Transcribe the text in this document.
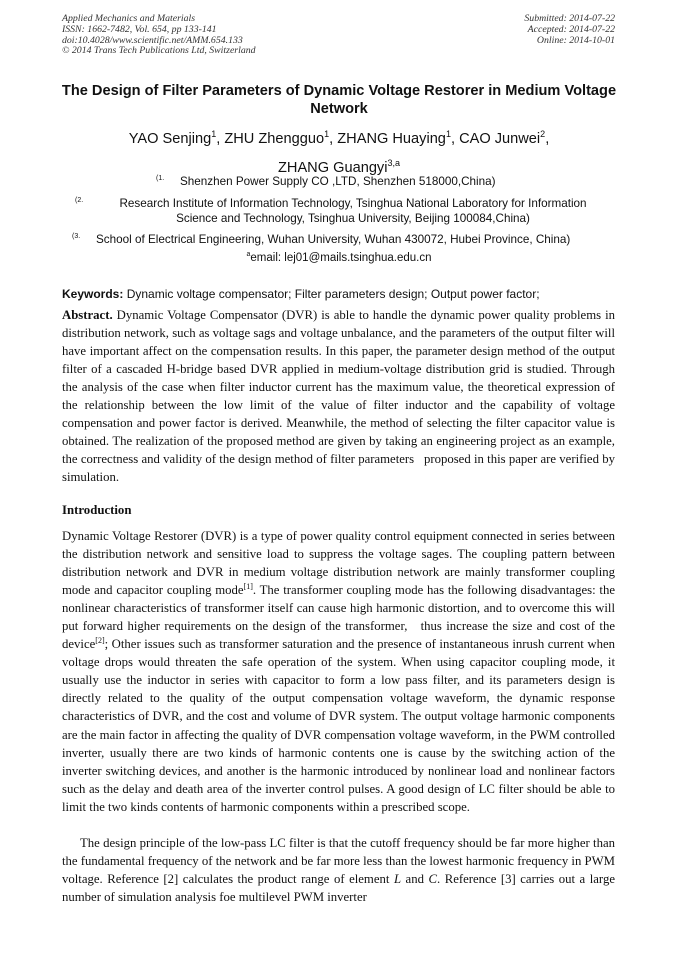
Applied Mechanics and Materials
ISSN: 1662-7482, Vol. 654, pp 133-141
doi:10.4028/www.scientific.net/AMM.654.133
© 2014 Trans Tech Publications Ltd, Switzerland
Submitted: 2014-07-22
Accepted: 2014-07-22
Online: 2014-10-01
The Design of Filter Parameters of Dynamic Voltage Restorer in Medium Voltage Network
YAO Senjing$^1$, ZHU Zhengguo$^1$, ZHANG Huaying$^1$, CAO Junwei$^2$,
ZHANG Guangyi$^{3,a}$
(1. Shenzhen Power Supply CO ,LTD, Shenzhen 518000,China)
(2.	Research Institute of Information Technology, Tsinghua National Laboratory for Information
Science and Technology, Tsinghua University, Beijing 100084,China)
(3. School of Electrical Engineering, Wuhan University, Wuhan 430072, Hubei Province, China)
$^a$email: lej01@mails.tsinghua.edu.cn
Keywords: Dynamic voltage compensator; Filter parameters design; Output power factor;
Abstract. Dynamic Voltage Compensator (DVR) is able to handle the dynamic power quality problems in distribution network, such as voltage sags and voltage unbalance, and the parameters of the output filter will have important affect on the compensation results. In this paper, the parameter design method of the output filter of a cascaded H-bridge based DVR applied in medium-voltage distribution grid is studied. Through the analysis of the case when filter inductor current has the maximum value, the theoretical expression of the relationship between the low limit of the value of filter inductor and the capability of voltage compensation and power factor is derived. Meanwhile, the method of selecting the filter capacitor value is obtained. The realization of the proposed method are given by taking an engineering project as an example, the correctness and validity of the design method of filter parameters   proposed in this paper are verified by simulation.
Introduction
Dynamic Voltage Restorer (DVR) is a type of power quality control equipment connected in series between the distribution network and sensitive load to suppress the voltage sages. The coupling pattern between distribution network and DVR in medium voltage distribution network are mainly transformer coupling mode and capacitor coupling mode[1]. The transformer coupling mode has the following disadvantages: the nonlinear characteristics of transformer itself can cause high harmonic distortion, and to overcome this will put forward higher requirements on the design of the transformer,   thus increase the size and cost of the device[2]; Other issues such as transformer saturation and the presence of instantaneous inrush current when voltage drops would threaten the safe operation of the system. When using capacitor coupling mode, it usually use the inductor in series with capacitor to form a low pass filter, and its parameters design is directly related to the quality of the output compensation voltage waveform, the dynamic response characteristics of DVR, and the cost and volume of DVR system. The output voltage harmonic components are the main factor in affecting the quality of DVR compensation voltage waveform, in the PWM controlled inverter, usually there are two kinds of harmonic contents one is cause by the switching action of the inverter switching devices, and another is the harmonic introduced by nonlinear load and nonlinear factors such as the delay and death area of the inverter control pulses. A good design of LC filter should be able to limit the two kinds contents of harmonic components within a prescribed scope.
The design principle of the low-pass LC filter is that the cutoff frequency should be far more higher than the fundamental frequency of the network and be far more less than the lowest harmonic frequency in PWM voltage. Reference [2] calculates the product range of element L and C. Reference [3] carries out a large number of simulation analysis foe multilevel PWM inverter
